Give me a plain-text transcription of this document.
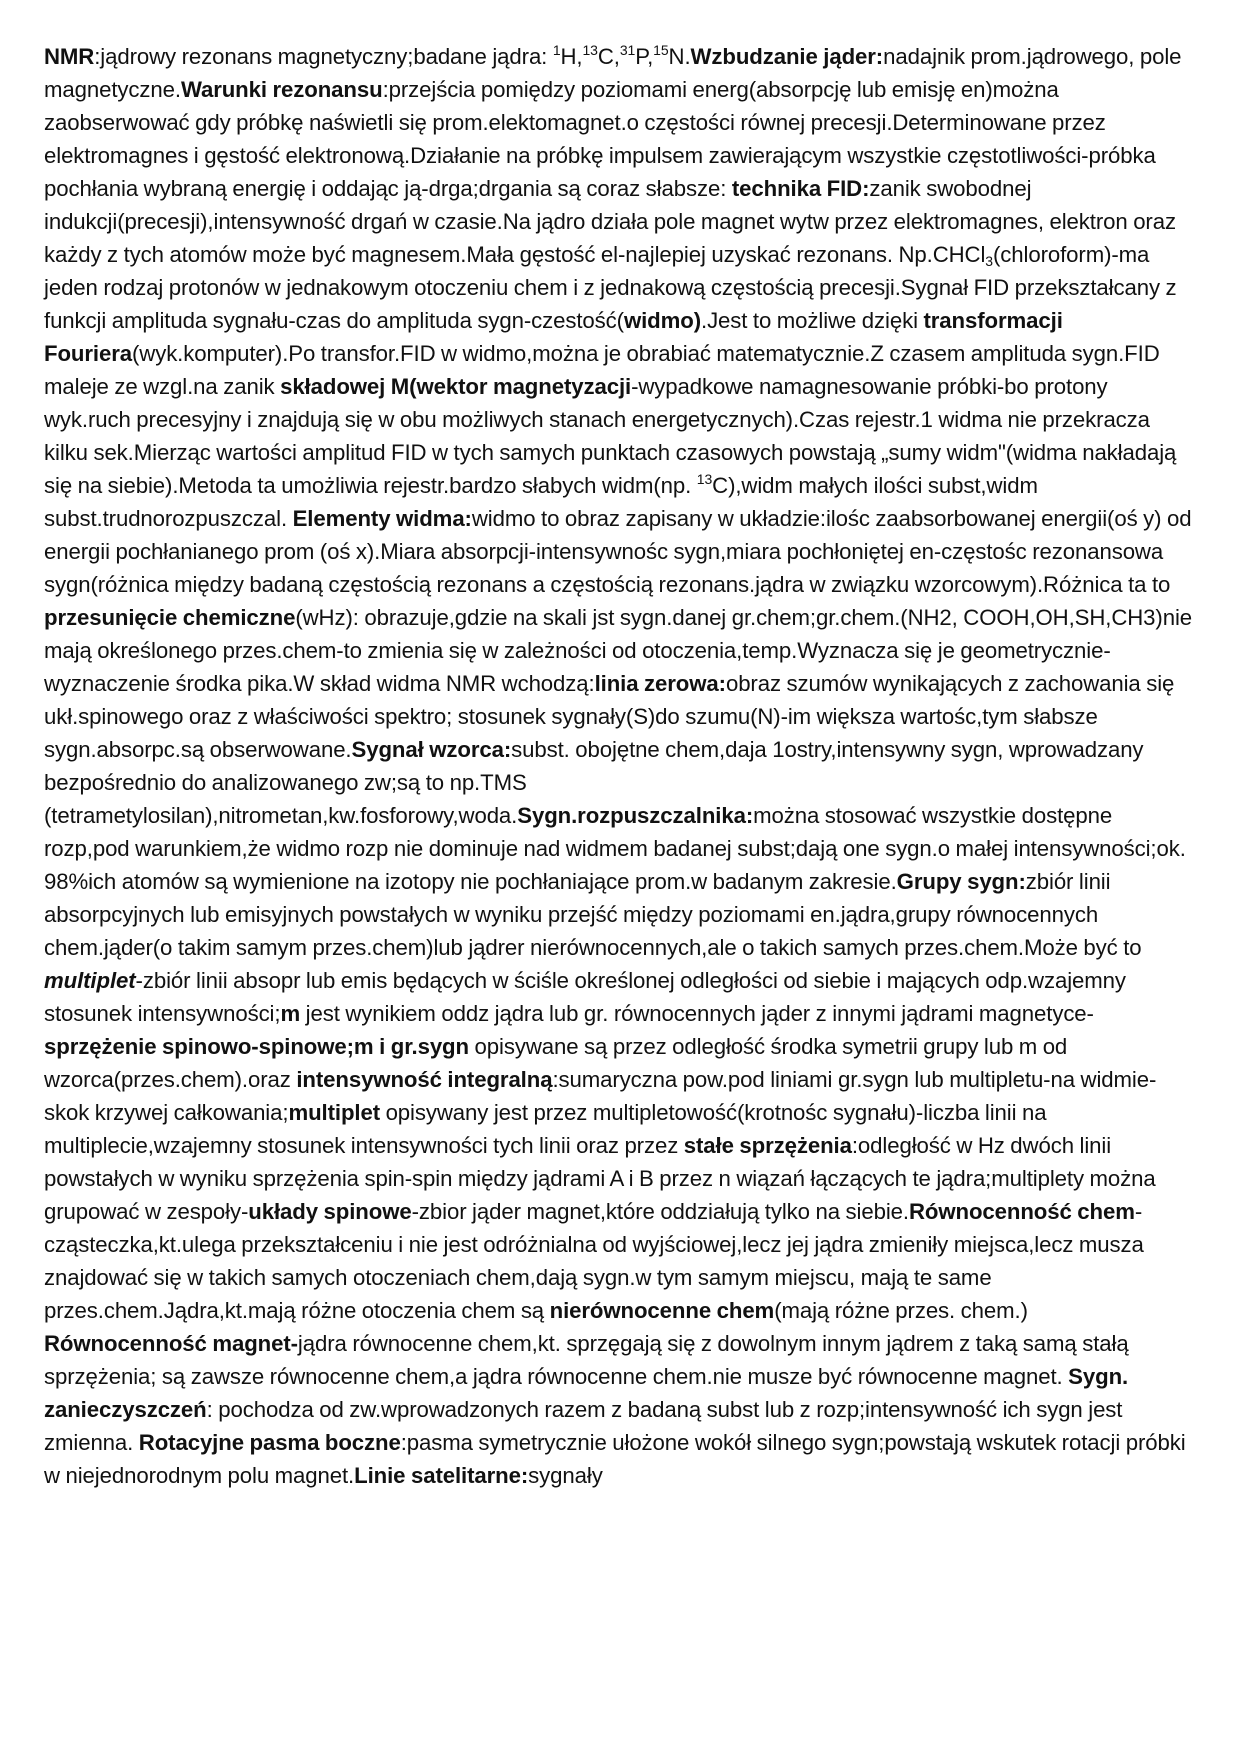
NMR:jądrowy rezonans magnetyczny;badane jądra: $^1$H,$^{13}$C,$^{31}$P,$^{15}$N.Wzbudzanie jąder:nadajnik prom.jądrowego, pole magnetyczne.Warunki rezonansu:przejścia pomiędzy poziomami energ(absorpcję lub emisję en)można zaobserwować gdy próbkę naświetli się prom.elektomagnet.o częstości równej precesji.Determinowane przez elektromagnes i gęstość elektronową.Działanie na próbkę impulsem zawierającym wszystkie częstotliwości-próbka pochłania wybraną energię i oddając ją-drga;drgania są coraz słabsze: technika FID:zanik swobodnej indukcji(precesji),intensywność drgań w czasie.Na jądro działa pole magnet wytw przez elektromagnes, elektron oraz każdy z tych atomów może być magnesem.Mała gęstość el-najlepiej uzyskać rezonans. Np.CHCl$_3$(chloroform)-ma jeden rodzaj protonów w jednakowym otoczeniu chem i z jednakową częstością precesji.Sygnał FID przekształcany z funkcji amplituda sygnału-czas do amplituda sygn-czestość(widmo).Jest to możliwe dzięki transformacji Fouriera(wyk.komputer).Po transfor.FID w widmo,można je obrabiać matematycznie.Z czasem amplituda sygn.FID maleje ze wzgl.na zanik składowej M(wektor magnetyzacji-wypadkowe namagnesowanie próbki-bo protony wyk.ruch precesyjny i znajdują się w obu możliwych stanach energetycznych).Czas rejestr.1 widma nie przekracza kilku sek.Mierząc wartości amplitud FID w tych samych punktach czasowych powstają „sumy widm"(widma nakładają się na siebie).Metoda ta umożliwia rejestr.bardzo słabych widm(np. $^{13}$C),widm małych ilości subst,widm subst.trudnorozpuszczal. Elementy widma:widmo to obraz zapisany w układzie:ilośc zaabsorbowanej energii(oś y) od energii pochłanianego prom (oś x).Miara absorpcji-intensywnośc sygn,miara pochłoniętej en-częstośc rezonansowa sygn(różnica między badaną częstością rezonans a częstością rezonans.jądra w związku wzorcowym).Różnica ta to przesunięcie chemiczne(wHz): obrazuje,gdzie na skali jst sygn.danej gr.chem;gr.chem.(NH2, COOH,OH,SH,CH3)nie mają określonego przes.chem-to zmienia się w zależności od otoczenia,temp.Wyznacza się je geometrycznie-wyznaczenie środka pika.W skład widma NMR wchodzą:linia zerowa:obraz szumów wynikających z zachowania się ukł.spinowego oraz z właściwości spektro; stosunek sygnały(S)do szumu(N)-im większa wartośc,tym słabsze sygn.absorpc.są obserwowane.Sygnał wzorca:subst. obojętne chem,daja 1ostry,intensywny sygn, wprowadzany bezpośrednio do analizowanego zw;są to np.TMS (tetrametylosilan),nitrometan,kw.fosforowy,woda.Sygn.rozpuszczalnika:można stosować wszystkie dostępne rozp,pod warunkiem,że widmo rozp nie dominuje nad widmem badanej subst;dają one sygn.o małej intensywności;ok. 98%ich atomów są wymienione na izotopy nie pochłaniające prom.w badanym zakresie.Grupy sygn:zbiór linii absorpcyjnych lub emisyjnych powstałych w wyniku przejść między poziomami en.jądra,grupy równocennych chem.jąder(o takim samym przes.chem)lub jądrer nierównocennych,ale o takich samych przes.chem.Może być to multiplet-zbiór linii absopr lub emis będących w ściśle określonej odległości od siebie i mających odp.wzajemny stosunek intensywności;m jest wynikiem oddz jądra lub gr. równocennych jąder z innymi jądrami magnetyce-sprzężenie spinowo-spinowe;m i gr.sygn opisywane są przez odległość środka symetrii grupy lub m od wzorca(przes.chem).oraz intensywność integralną:sumaryczna pow.pod liniami gr.sygn lub multipletu-na widmie-skok krzywej całkowania;multiplet opisywany jest przez multipletowość(krotnośc sygnału)-liczba linii na multiplecie,wzajemny stosunek intensywności tych linii oraz przez stałe sprzężenia:odległość w Hz dwóch linii powstałych w wyniku sprzężenia spin-spin między jądrami A i B przez n wiązań łączących te jądra;multiplety można grupować w zespoły-układy spinowe-zbior jąder magnet,które oddziałują tylko na siebie.Równocenność chem-cząsteczka,kt.ulega przekształceniu i nie jest odróżnialna od wyjściowej,lecz jej jądra zmieniły miejsca,lecz musza znajdować się w takich samych otoczeniach chem,dają sygn.w tym samym miejscu, mają te same przes.chem.Jądra,kt.mają różne otoczenia chem są nierównocenne chem(mają różne przes. chem.) Równocenność magnet-jądra równocenne chem,kt. sprzęgają się z dowolnym innym jądrem z taką samą stałą sprzężenia; są zawsze równocenne chem,a jądra równocenne chem.nie musze być równocenne magnet. Sygn. zanieczyszczeń: pochodza od zw.wprowadzonych razem z badaną subst lub z rozp;intensywność ich sygn jest zmienna. Rotacyjne pasma boczne:pasma symetrycznie ułożone wokół silnego sygn;powstają wskutek rotacji próbki w niejednorodnym polu magnet.Linie satelitarne:sygnały
